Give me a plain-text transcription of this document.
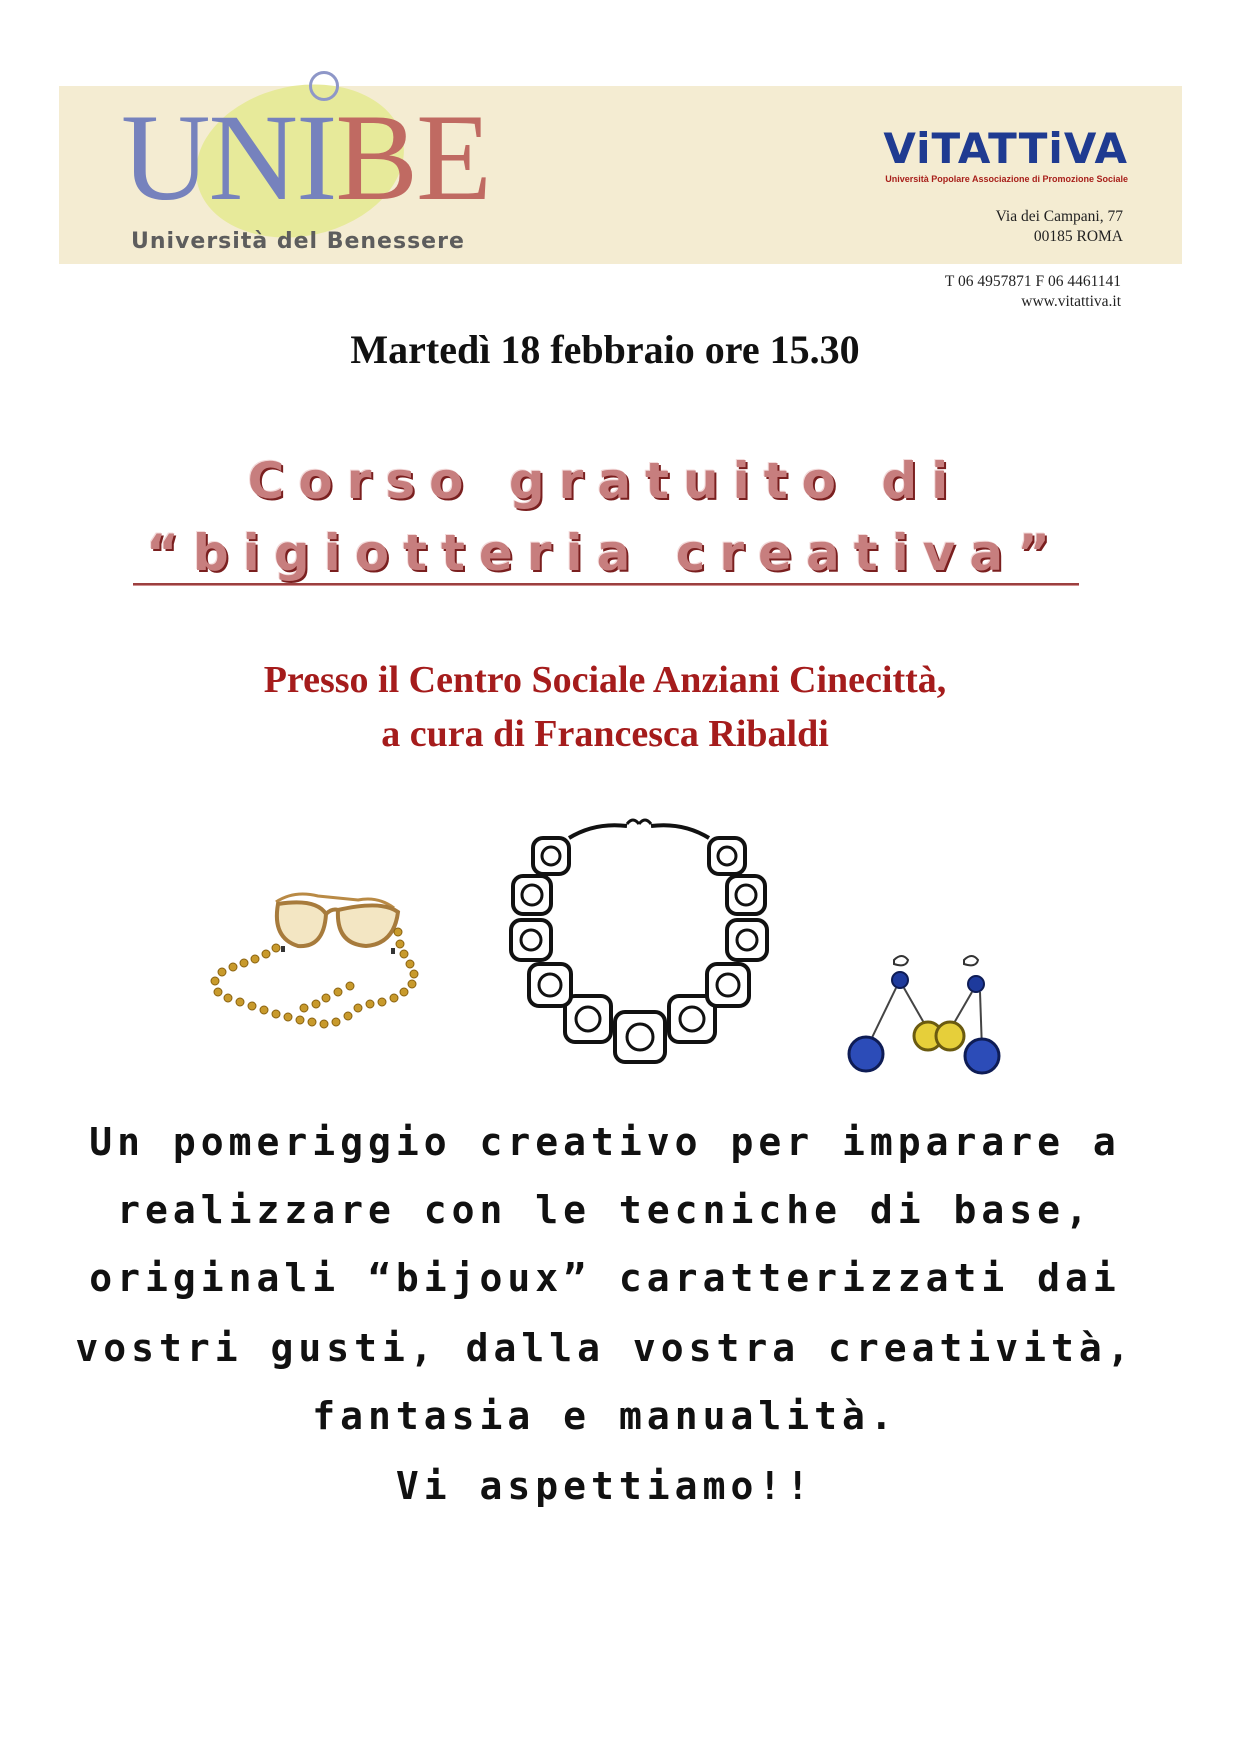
UNIBE
Università del Benessere
ViTATTiVA
Università Popolare Associazione di Promozione Sociale
Via dei Campani, 77
00185 ROMA
T 06 4957871 F 06 4461141
www.vitattiva.it
Martedì 18 febbraio ore 15.30
Corso gratuito di
“bigiotteria creativa”
Presso il Centro Sociale Anziani Cinecittà,
a cura di Francesca Ribaldi
Un pomeriggio creativo per imparare a
realizzare con le tecniche di base,
originali “bijoux” caratterizzati dai
vostri gusti, dalla vostra creatività,
fantasia e manualità.
Vi aspettiamo!!
